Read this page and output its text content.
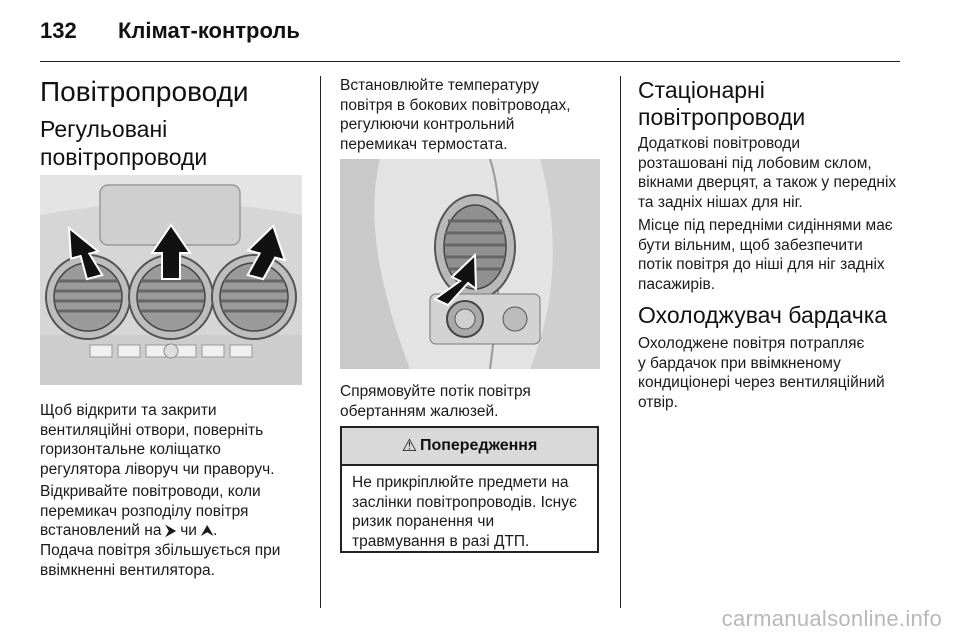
132 Клімат-контроль
Повітропроводи
Регульовані
повітропроводи

Щоб відкрити та закрити
вентиляційні отвори, поверніть
горизонтальне коліщатко
регулятора ліворуч чи праворуч.

Відкривайте повітроводи, коли
перемикач розподілу повітря
встановлений на ⮞ чи ⮝.

Подача повітря збільшується при
ввімкненні вентилятора.

Встановлюйте температуру
повітря в бокових повітроводах,
регулюючи контрольний
перемикач термостата.

Спрямовуйте потік повітря
обертанням жалюзей.

⚠ Попередження
Не прикріплюйте предмети на
заслінки повітропроводів. Існує
ризик поранення чи
травмування в разі ДТП.
Стаціонарні
повітропроводи

Додаткові повітроводи
розташовані під лобовим склом,
вікнами дверцят, а також у передніх
та задніх нішах для ніг.

Місце під передніми сидіннями має
бути вільним, щоб забезпечити
потік повітря до ніші для ніг задніх
пасажирів.

Охолоджувач бардачка

Охолоджене повітря потрапляє
у бардачок при ввімкненому
кондиціонері через вентиляційний
отвір.

carmanualsonline.info
